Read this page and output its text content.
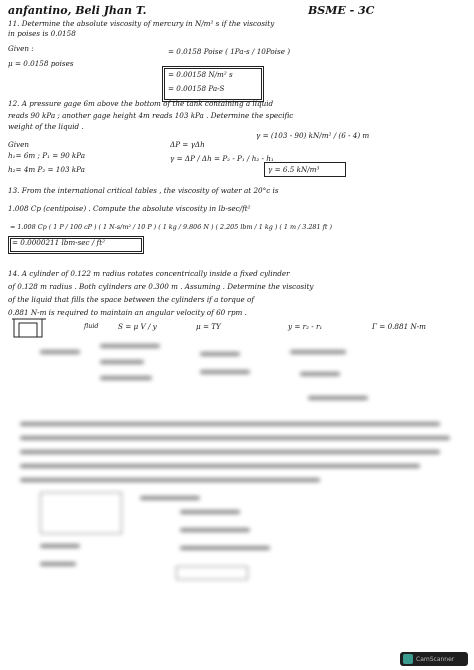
anfantino, Beli Jhan T.	BSME - 3C
11. Determine the absolute viscosity of mercury in N/m² s if the viscosity
in poises is 0.0158
Given :
μ = 0.0158 poises
= 0.0158 Poise ( 1Pa-s / 10Poise )
= 0.00158 N/m² s
= 0.00158 Pa-S
12. A pressure gage 6m above the bottom of the tank containing a liquid
reads 90 kPa ; another gage height 4m reads 103 kPa . Determine the specific
weight of the liquid .
Given
h₁= 6m ; P₁ = 90 kPa
h₂= 4m P₂ = 103 kPa
ΔP = γΔh
γ = ΔP / Δh = P₂ - P₁ / h₂ - h₁
γ = (103 - 90) kN/m² / (6 - 4) m
γ = 6.5 kN/m³
13. From the international critical tables , the viscosity of water at 20°c is
1.008 Cp (centipoise) . Compute the absolute viscosity in lb-sec/ft²
= 1.008 Cp ( 1 P / 100 cP ) ( 1 N-s/m² / 10 P ) ( 1 kg / 9.806 N ) ( 2.205 lbm / 1 kg ) ( 1 m / 3.281 ft )
= 0.0000211 lbm-sec / ft²
14. A cylinder of 0.122 m radius rotates concentrically inside a fixed cylinder
of 0.128 m radius . Both cylinders are 0.300 m . Assuming . Determine the viscosity
of the liquid that fills the space between the cylinders if a torque of
0.881 N-m is required to maintain an angular velocity of 60 rpm .
fluid	S = μ V / y	μ = TY	y = r₂ - r₁	Γ = 0.881 N-m
CamScanner
